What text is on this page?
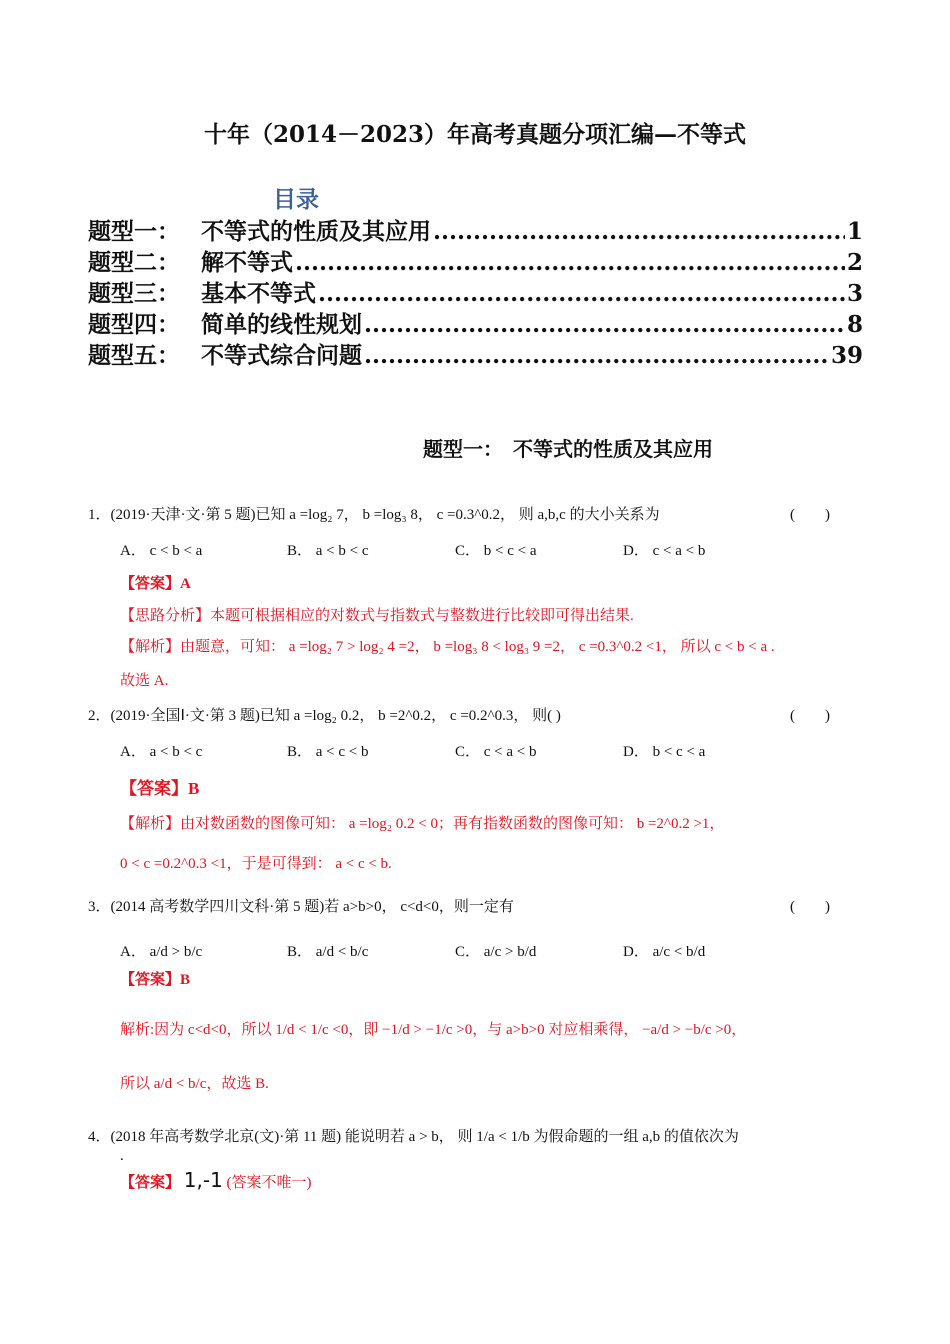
十年（2014－2023）年高考真题分项汇编—不等式
目录
题型一： 不等式的性质及其应用 .....	1
题型二： 解不等式 .....	2
题型三： 基本不等式 .....	3
题型四： 简单的线性规划 .....	8
题型五： 不等式综合问题 .....	39
题型一：　不等式的性质及其应用
1．(2019·天津·文·第 5 题)已知 a =log₂ 7， b =log₃ 8， c =0.3^0.2， 则 a,b,c 的大小关系为	(　　)
A． c < b < a	B． a < b < c	C． b < c < a	D． c < a < b
【答案】A
【思路分析】本题可根据相应的对数式与指数式与整数进行比较即可得出结果.
【解析】由题意，可知： a =log₂ 7 > log₂ 4 =2， b =log₃ 8 < log₃ 9 =2， c =0.3^0.2 <1， 所以 c < b < a .
故选 A.
2．(2019·全国Ⅰ·文·第 3 题)已知 a =log₂ 0.2， b =2^0.2， c =0.2^0.3， 则( )	(　　)
A． a < b < c	B． a < c < b	C． c < a < b	D． b < c < a
【答案】B
【解析】由对数函数的图像可知： a =log₂ 0.2 < 0；再有指数函数的图像可知： b =2^0.2 >1，
0 < c =0.2^0.3 <1，于是可得到： a < c < b.
3．(2014 高考数学四川文科·第 5 题)若 a>b>0， c<d<0，则一定有	(　　)
A． a/d > b/c	B． a/d < b/c	C． a/c > b/d	D． a/c < b/d
【答案】B
解析:因为 c<d<0，所以 1/d < 1/c <0，即 −1/d > −1/c >0，与 a>b>0 对应相乘得， −a/d > −b/c >0，
所以 a/d < b/c，故选 B.
4．(2018 年高考数学北京(文)·第 11 题) 能说明若 a > b， 则 1/a < 1/b 为假命题的一组 a,b 的值依次为
.
【答案】 1,-1 (答案不唯一)
